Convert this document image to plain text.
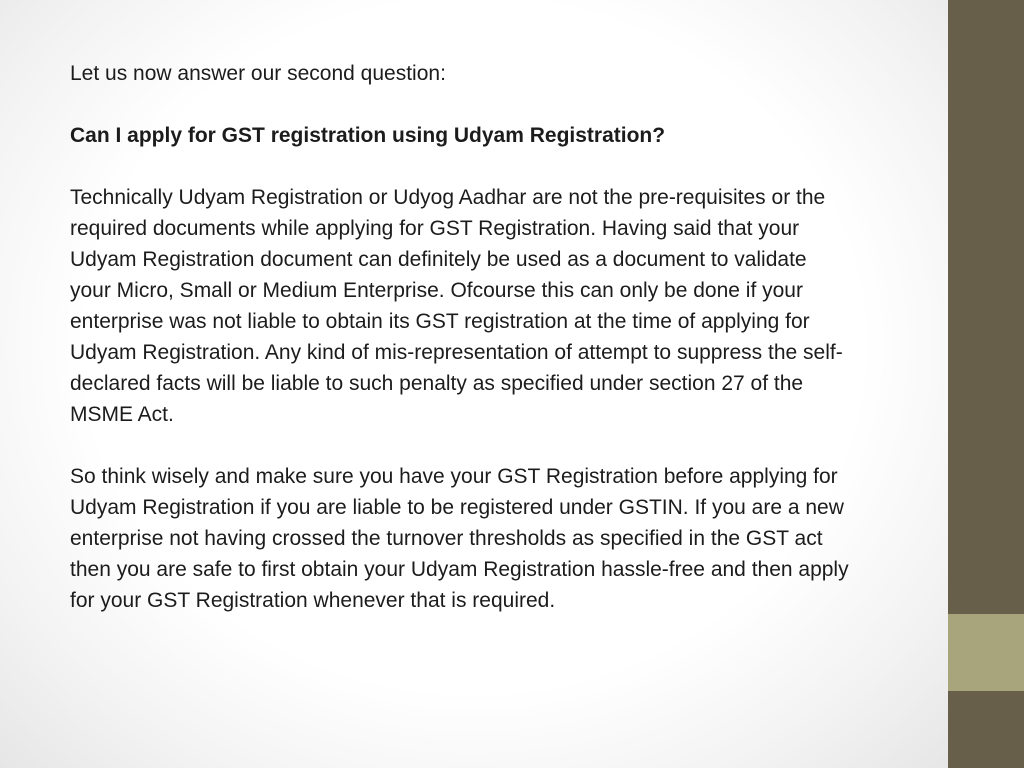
Let us now answer our second question:

Can I apply for GST registration using Udyam Registration?

Technically Udyam Registration or Udyog Aadhar are not the pre-requisites or the required documents while applying for GST Registration. Having said that your Udyam Registration document can definitely be used as a document to validate your Micro, Small or Medium Enterprise. Ofcourse this can only be done if your enterprise was not liable to obtain its GST registration at the time of applying for Udyam Registration. Any kind of mis-representation of attempt to suppress the self-declared facts will be liable to such penalty as specified under section 27 of the MSME Act.

So think wisely and make sure you have your GST Registration before applying for Udyam Registration if you are liable to be registered under GSTIN. If you are a new enterprise not having crossed the turnover thresholds as specified in the GST act then you are safe to first obtain your Udyam Registration hassle-free and then apply for your GST Registration whenever that is required.
